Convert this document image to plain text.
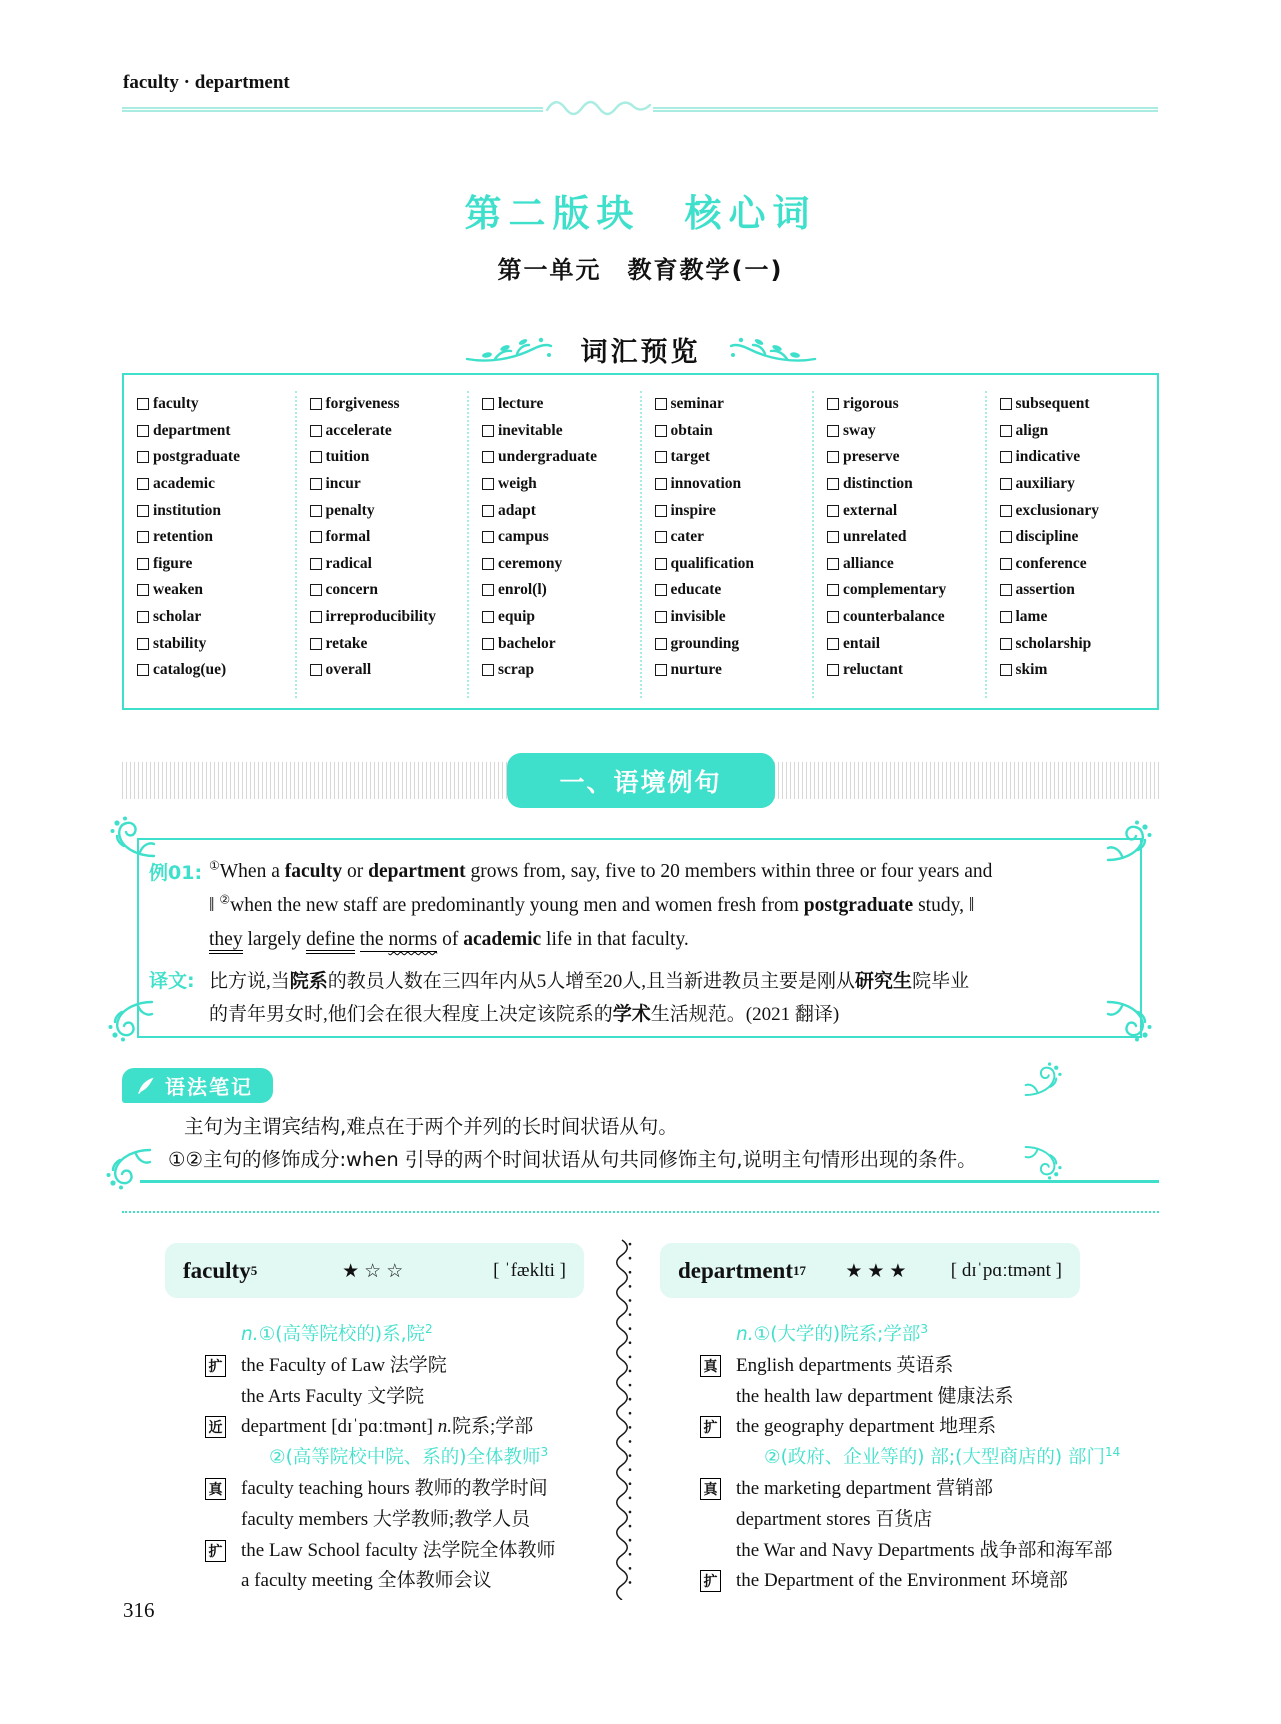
faculty · department
第二版块　核心词
第一单元　教育教学(一)
词汇预览
faculty
department
postgraduate
academic
institution
retention
figure
weaken
scholar
stability
catalog(ue)
forgiveness
accelerate
tuition
incur
penalty
formal
radical
concern
irreproducibility
retake
overall
lecture
inevitable
undergraduate
weigh
adapt
campus
ceremony
enrol(l)
equip
bachelor
scrap
seminar
obtain
target
innovation
inspire
cater
qualification
educate
invisible
grounding
nurture
rigorous
sway
preserve
distinction
external
unrelated
alliance
complementary
counterbalance
entail
reluctant
subsequent
align
indicative
auxiliary
exclusionary
discipline
conference
assertion
lame
scholarship
skim
一、语境例句
例01: ①When a faculty or department grows from, say, five to 20 members within three or four years and
‖ ②when the new staff are predominantly young men and women fresh from postgraduate study, ‖
they largely define the norms of academic life in that faculty.
译文: 比方说,当院系的教员人数在三四年内从5人增至20人,且当新进教员主要是刚从研究生院毕业
的青年男女时,他们会在很大程度上决定该院系的学术生活规范。(2021 翻译)
语法笔记
主句为主谓宾结构,难点在于两个并列的长时间状语从句。
①②主句的修饰成分:when 引导的两个时间状语从句共同修饰主句,说明主句情形出现的条件。
faculty 5	★☆☆	[ ˈfæklti ]
n.①(高等院校的)系,院$^2$
扩 the Faculty of Law 法学院
the Arts Faculty 文学院
近 department [dɪˈpɑːtmənt] n.院系;学部
②(高等院校中院、系的)全体教师$^3$
真 faculty teaching hours 教师的教学时间
faculty members 大学教师;教学人员
扩 the Law School faculty 法学院全体教师
a faculty meeting 全体教师会议
department 17 ★★★ [ dɪˈpɑːtmənt ]
n.①(大学的)院系;学部$^3$
真 English departments 英语系
the health law department 健康法系
扩 the geography department 地理系
②(政府、企业等的) 部;(大型商店的) 部门$^{14}$
真 the marketing department 营销部
department stores 百货店
the War and Navy Departments 战争部和海军部
扩 the Department of the Environment 环境部
316
